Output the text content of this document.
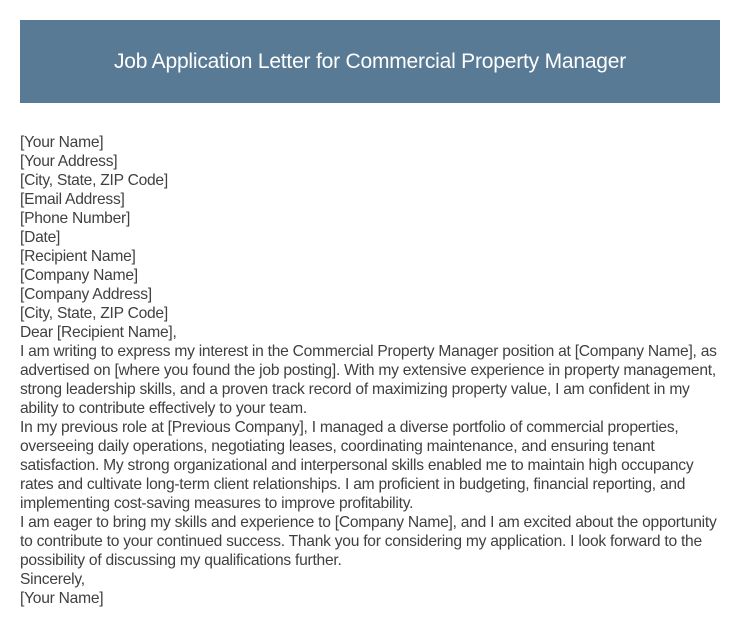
Job Application Letter for Commercial Property Manager
[Your Name]
[Your Address]
[City, State, ZIP Code]
[Email Address]
[Phone Number]
[Date]
[Recipient Name]
[Company Name]
[Company Address]
[City, State, ZIP Code]
Dear [Recipient Name],
I am writing to express my interest in the Commercial Property Manager position at [Company Name], as advertised on [where you found the job posting]. With my extensive experience in property management, strong leadership skills, and a proven track record of maximizing property value, I am confident in my ability to contribute effectively to your team.
In my previous role at [Previous Company], I managed a diverse portfolio of commercial properties, overseeing daily operations, negotiating leases, coordinating maintenance, and ensuring tenant satisfaction. My strong organizational and interpersonal skills enabled me to maintain high occupancy rates and cultivate long-term client relationships. I am proficient in budgeting, financial reporting, and implementing cost-saving measures to improve profitability.
I am eager to bring my skills and experience to [Company Name], and I am excited about the opportunity to contribute to your continued success. Thank you for considering my application. I look forward to the possibility of discussing my qualifications further.
Sincerely,
[Your Name]
